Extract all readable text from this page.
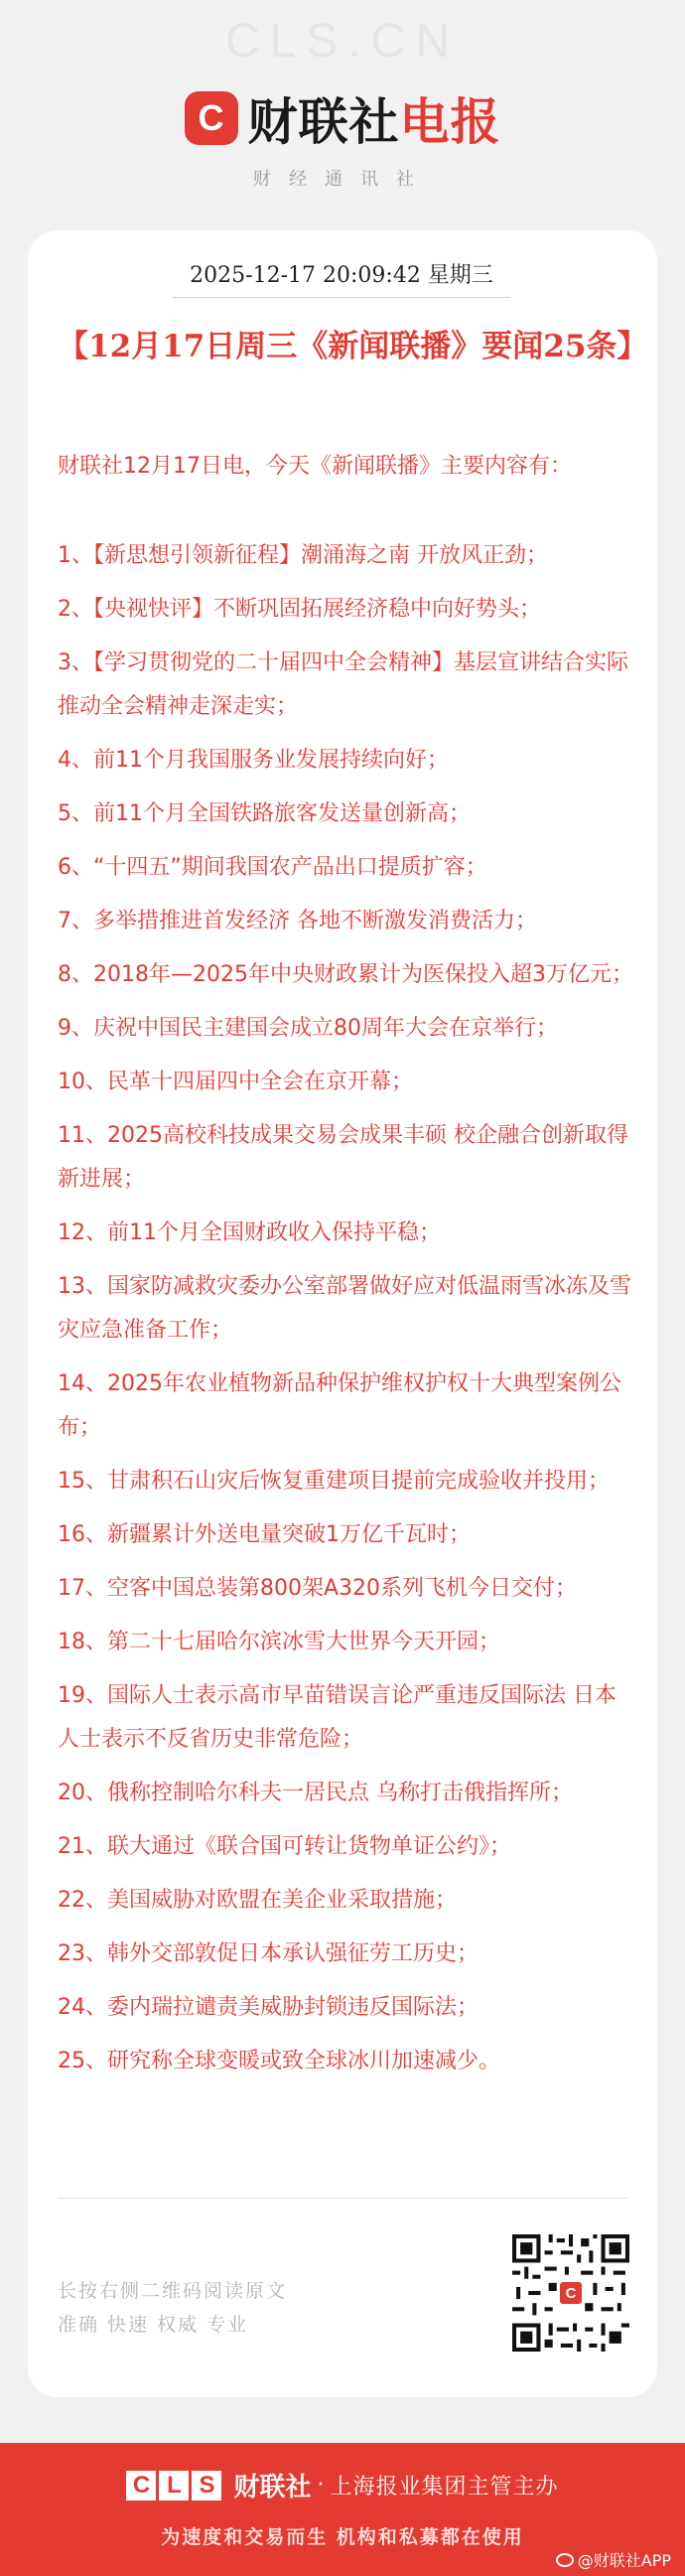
CLS.CN
C 财联社 电报
财经通讯社
2025-12-17 20:09:42 星期三
【12月17日周三《新闻联播》要闻25条】
财联社12月17日电，今天《新闻联播》主要内容有：
1、【新思想引领新征程】潮涌海之南 开放风正劲；
2、【央视快评】不断巩固拓展经济稳中向好势头；
3、【学习贯彻党的二十届四中全会精神】基层宣讲结合实际 推动全会精神走深走实；
4、前11个月我国服务业发展持续向好；
5、前11个月全国铁路旅客发送量创新高；
6、“十四五”期间我国农产品出口提质扩容；
7、多举措推进首发经济 各地不断激发消费活力；
8、2018年—2025年中央财政累计为医保投入超3万亿元；
9、庆祝中国民主建国会成立80周年大会在京举行；
10、民革十四届四中全会在京开幕；
11、2025高校科技成果交易会成果丰硕 校企融合创新取得新进展；
12、前11个月全国财政收入保持平稳；
13、国家防减救灾委办公室部署做好应对低温雨雪冰冻及雪灾应急准备工作；
14、2025年农业植物新品种保护维权护权十大典型案例公布；
15、甘肃积石山灾后恢复重建项目提前完成验收并投用；
16、新疆累计外送电量突破1万亿千瓦时；
17、空客中国总装第800架A320系列飞机今日交付；
18、第二十七届哈尔滨冰雪大世界今天开园；
19、国际人士表示高市早苗错误言论严重违反国际法 日本人士表示不反省历史非常危险；
20、俄称控制哈尔科夫一居民点 乌称打击俄指挥所；
21、联大通过《联合国可转让货物单证公约》；
22、美国威胁对欧盟在美企业采取措施；
23、韩外交部敦促日本承认强征劳工历史；
24、委内瑞拉谴责美威胁封锁违反国际法；
25、研究称全球变暖或致全球冰川加速减少。
长按右侧二维码阅读原文
准确 快速 权威 专业
C
C L S 财联社 · 上海报业集团主管主办
为速度和交易而生 机构和私募都在使用
@财联社APP
